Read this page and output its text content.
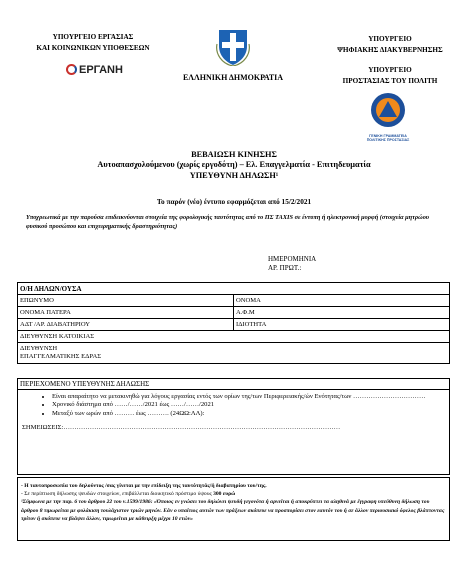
ΥΠΟΥΡΓΕΙΟ ΕΡΓΑΣΙΑΣ
ΚΑΙ ΚΟΙΝΩΝΙΚΩΝ ΥΠΟΘΕΣΕΩΝ
ΕΡΓΑΝΗ
ΕΛΛΗΝΙΚΗ ΔΗΜΟΚΡΑΤΙΑ
ΥΠΟΥΡΓΕΙΟ
ΨΗΦΙΑΚΗΣ ΔΙΑΚΥΒΕΡΝΗΣΗΣ
ΥΠΟΥΡΓΕΙΟ
ΠΡΟΣΤΑΣΙΑΣ ΤΟΥ ΠΟΛΙΤΗ
ΓΕΝΙΚΗ ΓΡΑΜΜΑΤΕΙΑ
ΠΟΛΙΤΙΚΗΣ ΠΡΟΣΤΑΣΙΑΣ
ΒΕΒΑΙΩΣΗ ΚΙΝΗΣΗΣ
Αυτοαπασχολούμενου (χωρίς εργοδότη) – Ελ. Επαγγελματία - Επιτηδευματία
ΥΠΕΥΘΥΝΗ ΔΗΛΩΣΗ¹
Το παρόν (νέο) έντυπο εφαρμόζεται από 15/2/2021
Υποχρεωτικά με την παρούσα επιδεικνύονται στοιχεία της φορολογικής ταυτότητας από το ΠΣ TAXIS σε έντυπη ή ηλεκτρονική μορφή (στοιχεία μητρώου φυσικού προσώπου και επιχειρηματικής δραστηριότητας)
ΗΜΕΡΟΜΗΝΙΑ
ΑΡ. ΠΡΩΤ.:
Ο/Η ΔΗΛΩΝ/ΟΥΣΑ	
ΕΠΩΝΥΜΟ	ΟΝΟΜΑ
ΟΝΟΜΑ ΠΑΤΕΡΑ	Α.Φ.Μ
ΑΔΤ /ΑΡ. ΔΙΑΒΑΤΗΡΙΟΥ	ΙΔΙΟΤΗΤΑ
ΔΙΕΥΘΥΝΣΗ ΚΑΤΟΙΚΙΑΣ	

ΔΙΕΥΘΥΝΣΗ ΕΠΑΓΓΕΛΜΑΤΙΚΗΣ ΕΔΡΑΣ	
ΠΕΡΙΕΧΟΜΕΝΟ ΥΠΕΥΘΥΝΗΣ ΔΗΛΩΣΗΣ
• Είναι απαραίτητο να μετακινηθώ για λόγους εργασίας εντός των ορίων της/των Περιφερειακής/ών Ενότητας/των ……………………………
• Χρονικό διάστημα από ……/……/2021 έως ……/……/2021
• Μεταξύ των ωρών από ……… έως ………. (24ΩΩ:ΛΛ):
ΣΗΜΕΙΩΣΕΙΣ:………………………………………………………………………………………………………………
- Η ταυτοπροσωπία του δηλούντος /σας γίνεται με την επίδειξη της ταυτότητάς/ή διαβατηρίου του/της.
- Σε περίπτωση δήλωσης ψευδών στοιχείων, επιβάλλεται διοικητικό πρόστιμο ύψους 300 ευρώ
¹Σύμφωνα με την παρ. 6 του άρθρου 22 του ν.1599/1986: «Όποιος εν γνώσει του δηλώνει ψευδή γεγονότα ή αρνείται ή αποκρύπτει τα αληθινά με έγγραφη υπεύθυνη δήλωση του άρθρου 8 τιμωρείται με φυλάκιση τουλάχιστον τριών μηνών. Εάν ο υπαίτιος αυτών των πράξεων σκόπευε να προσπορίσει στον εαυτόν του ή σε άλλον περιουσιακό όφελος βλάπτοντας τρίτον ή σκόπευε να βλάψει άλλον, τιμωρείται με κάθειρξη μέχρι 10 ετών»
